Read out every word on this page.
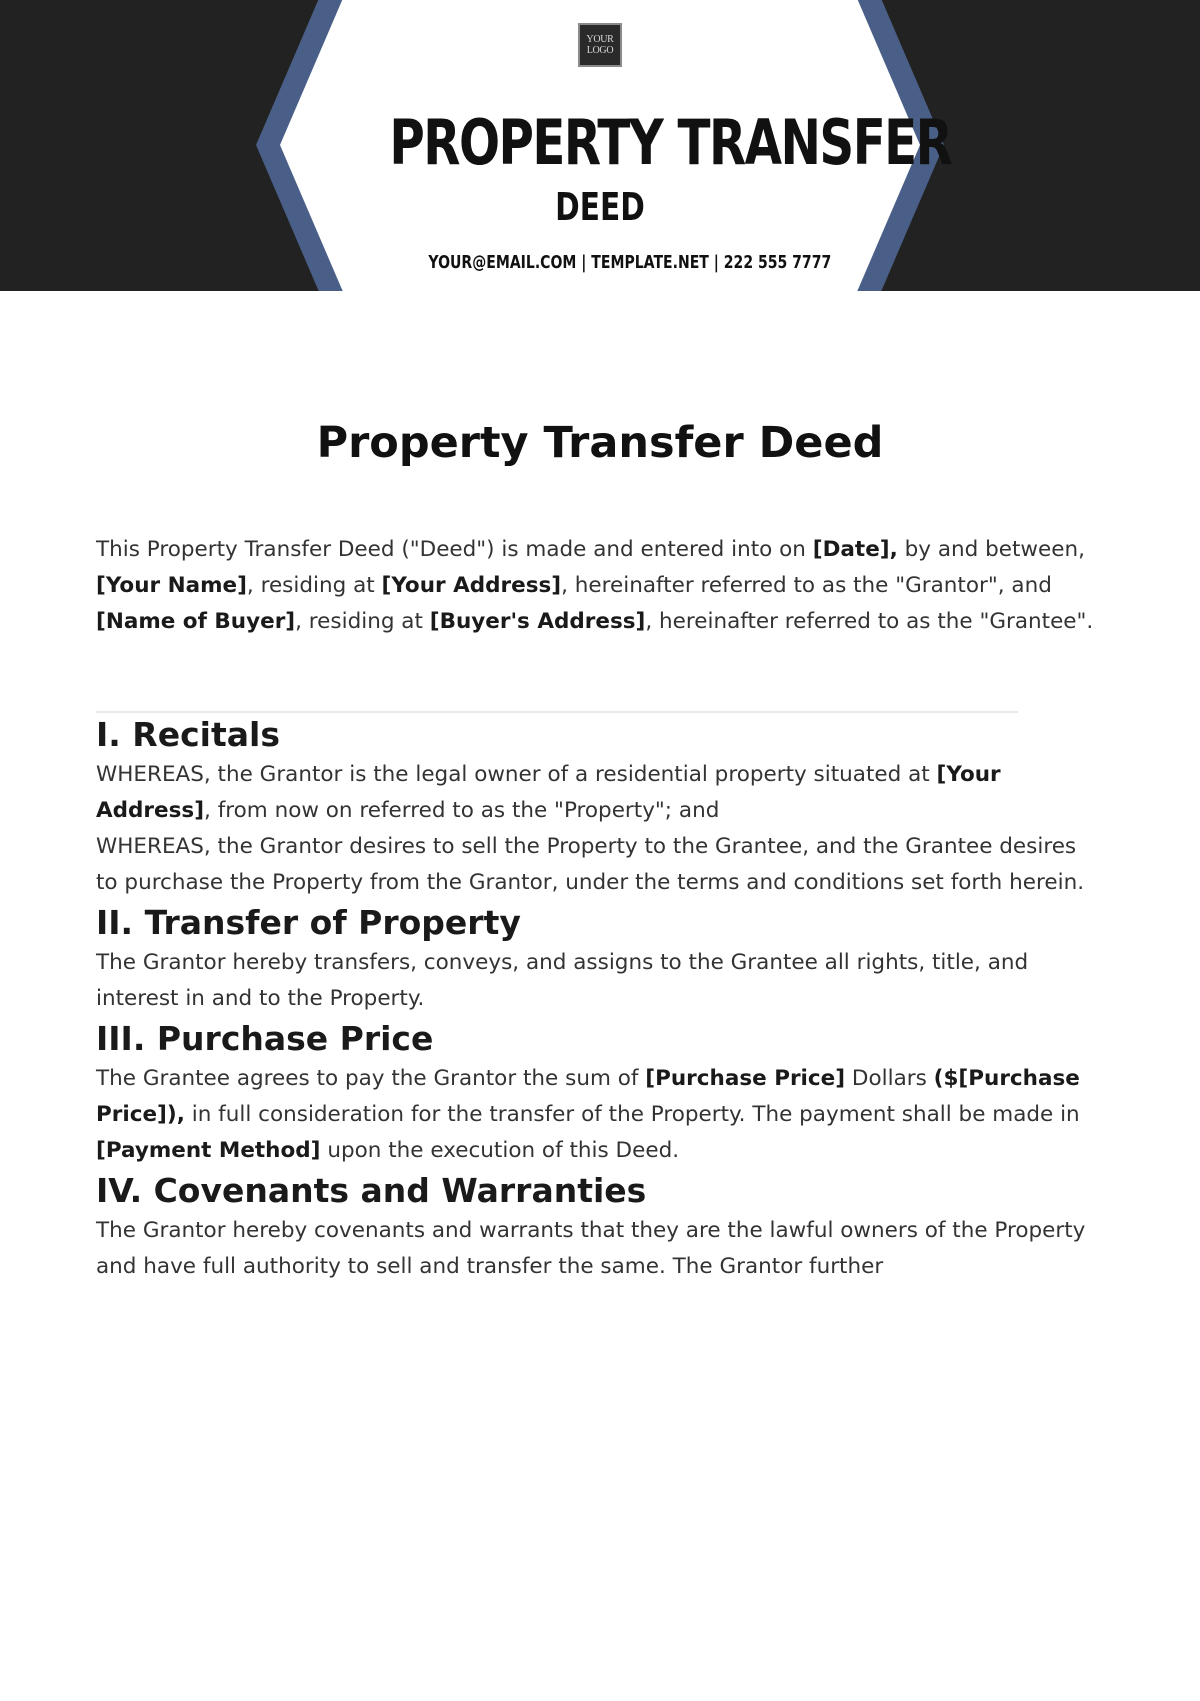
YOUR LOGO
PROPERTY TRANSFER
DEED
YOUR@EMAIL.COM | TEMPLATE.NET | 222 555 7777
Property Transfer Deed

This Property Transfer Deed ("Deed") is made and entered into on [Date], by and between, [Your Name], residing at [Your Address], hereinafter referred to as the "Grantor", and [Name of Buyer], residing at [Buyer's Address], hereinafter referred to as the "Grantee".

I. Recitals

WHEREAS, the Grantor is the legal owner of a residential property situated at [Your Address], from now on referred to as the "Property"; and

WHEREAS, the Grantor desires to sell the Property to the Grantee, and the Grantee desires to purchase the Property from the Grantor, under the terms and conditions set forth herein.

II. Transfer of Property

The Grantor hereby transfers, conveys, and assigns to the Grantee all rights, title, and interest in and to the Property.

III. Purchase Price

The Grantee agrees to pay the Grantor the sum of [Purchase Price] Dollars ($[Purchase Price]), in full consideration for the transfer of the Property. The payment shall be made in [Payment Method] upon the execution of this Deed.

IV. Covenants and Warranties

The Grantor hereby covenants and warrants that they are the lawful owners of the Property and have full authority to sell and transfer the same. The Grantor further
